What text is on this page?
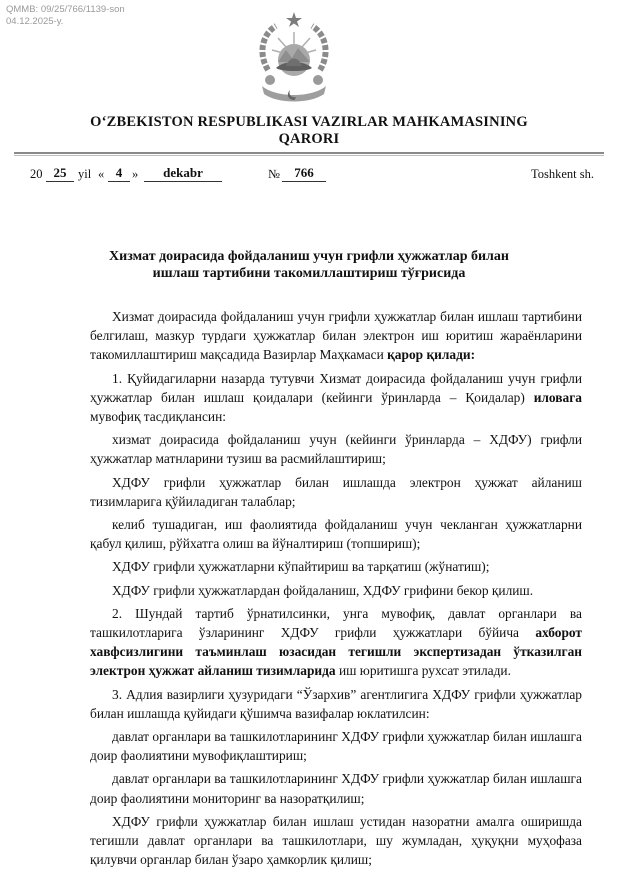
QMMB: 09/25/766/1139-son
04.12.2025-y.
O‘ZBEKISTON RESPUBLIKASI VAZIRLAR MAHKAMASINING
QARORI
20 25 yil « 4 »	dekabr	№	766	Toshkent sh.
Хизмат доирасида фойдаланиш учун грифли ҳужжатлар билан
ишлаш тартибини такомиллаштириш тўғрисида

Хизмат доирасида фойдаланиш учун грифли ҳужжатлар билан ишлаш тартибини белгилаш, мазкур турдаги ҳужжатлар билан электрон иш юритиш жараёнларини такомиллаштириш мақсадида Вазирлар Маҳкамаси қарор қилади:

1. Қуйидагиларни назарда тутувчи Хизмат доирасида фойдаланиш учун грифли ҳужжатлар билан ишлаш қоидалари (кейинги ўринларда – Қоидалар) иловага мувофиқ тасдиқлансин:

хизмат доирасида фойдаланиш учун (кейинги ўринларда – ХДФУ) грифли ҳужжатлар матнларини тузиш ва расмийлаштириш;

ХДФУ грифли ҳужжатлар билан ишлашда электрон ҳужжат айланиш тизимларига қўйиладиган талаблар;

келиб тушадиган, иш фаолиятида фойдаланиш учун чекланган ҳужжатларни қабул қилиш, рўйхатга олиш ва йўналтириш (топшириш);

ХДФУ грифли ҳужжатларни кўпайтириш ва тарқатиш (жўнатиш);

ХДФУ грифли ҳужжатлардан фойдаланиш, ХДФУ грифини бекор қилиш.

2. Шундай тартиб ўрнатилсинки, унга мувофиқ, давлат органлари ва ташкилотларига ўзларининг ХДФУ грифли ҳужжатлари бўйича ахборот хавфсизлигини таъминлаш юзасидан тегишли экспертизадан ўтказилган электрон ҳужжат айланиш тизимларида иш юритишга рухсат этилади.

3. Адлия вазирлиги ҳузуридаги “Ўзархив” агентлигига ХДФУ грифли ҳужжатлар билан ишлашда қуйидаги қўшимча вазифалар юклатилсин:

давлат органлари ва ташкилотларининг ХДФУ грифли ҳужжатлар билан ишлашга доир фаолиятини мувофиқлаштириш;

давлат органлари ва ташкилотларининг ХДФУ грифли ҳужжатлар билан ишлашга доир фаолиятини мониторинг ва назоратқилиш;

ХДФУ грифли ҳужжатлар билан ишлаш устидан назоратни амалга оширишда тегишли давлат органлари ва ташкилотлари, шу жумладан, ҳуқуқни муҳофаза қилувчи органлар билан ўзаро ҳамкорлик қилиш;
